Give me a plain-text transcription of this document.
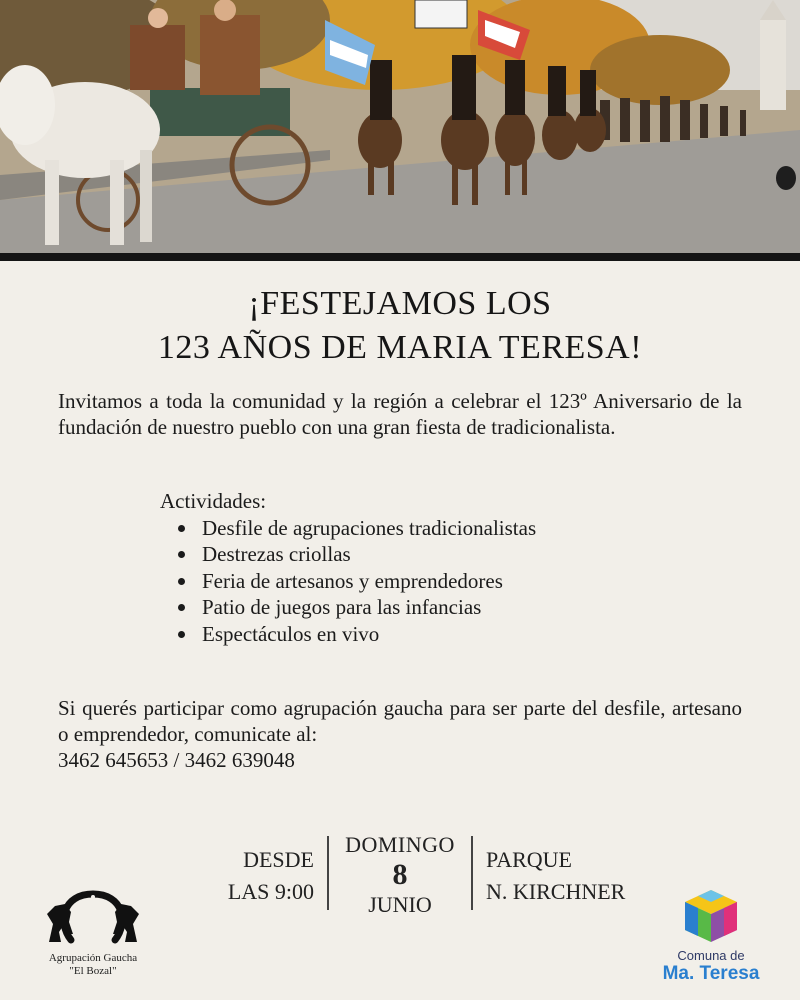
¡FESTEJAMOS LOS
123 AÑOS DE MARIA TERESA!

Invitamos a toda la comunidad y la región a celebrar el 123º Aniversario de la fundación de nuestro pueblo con una gran fiesta de tradicionalista.

Actividades:
Desfile de agrupaciones tradicionalistas
Destrezas criollas
Feria de artesanos y emprendedores
Patio de juegos para las infancias
Espectáculos en vivo

Si querés participar como agrupación gaucha para ser parte del desfile, artesano o emprendedor, comunicate al:
3462 645653 / 3462 639048

DESDE
LAS 9:00
DOMINGO
8
JUNIO
PARQUE
N. KIRCHNER
Agrupación Gaucha
"El Bozal"
Comuna de
Ma. Teresa
